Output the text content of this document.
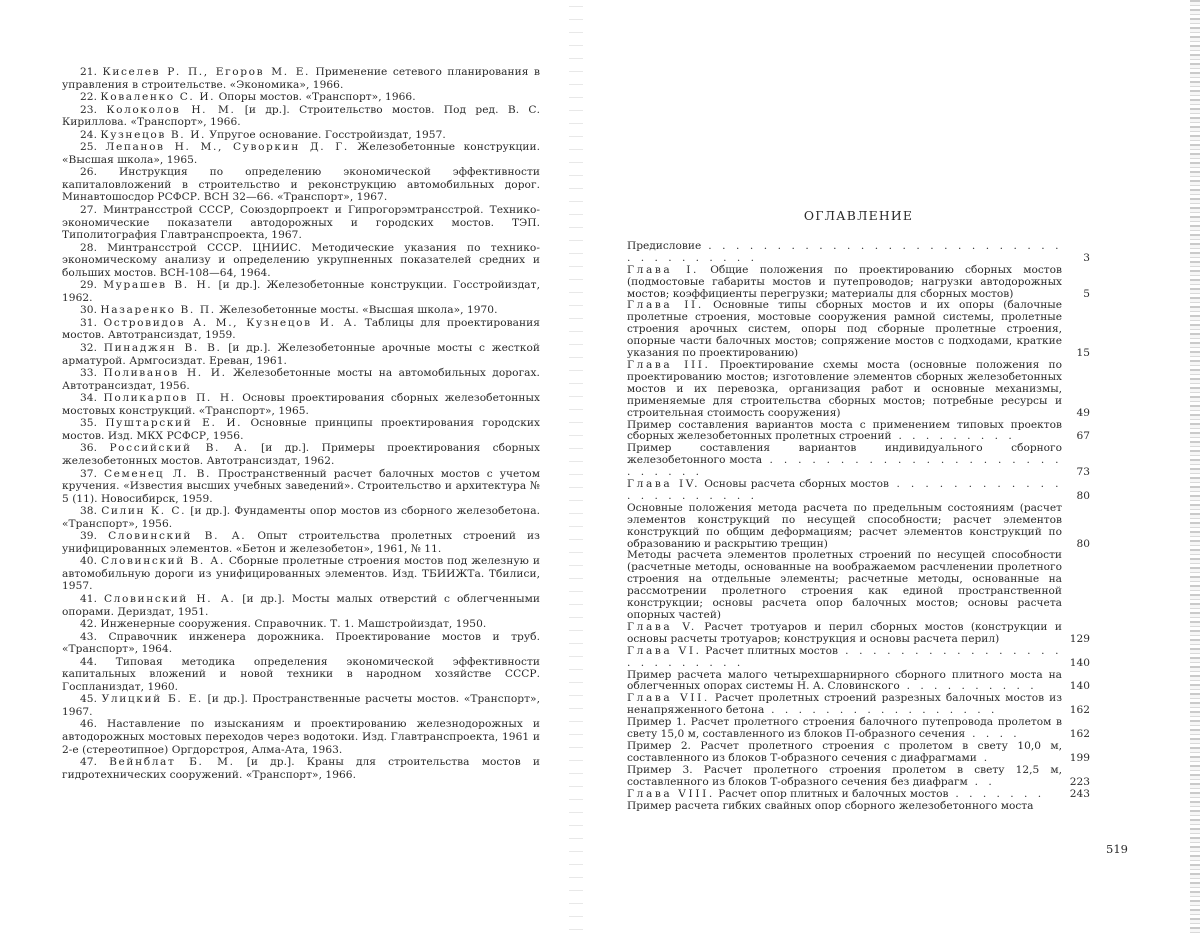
21. Киселев Р. П., Егоров М. Е. Применение сетевого планирования в управления в строительстве. «Экономика», 1966.

22. Коваленко С. И. Опоры мостов. «Транспорт», 1966.

23. Колоколов Н. М. [и др.]. Строительство мостов. Под ред. В. С. Кириллова. «Транспорт», 1966.

24. Кузнецов В. И. Упругое основание. Госстройиздат, 1957.

25. Лепанов Н. М., Суворкин Д. Г. Железобетонные конструкции. «Высшая школа», 1965.

26. Инструкция по определению экономической эффективности капиталовложений в строительство и реконструкцию автомобильных дорог. Минавтошосдор РСФСР. ВСН 32—66. «Транспорт», 1967.

27. Минтрансстрой СССР, Союздорпроект и Гипрогорэмтрансстрой. Технико-экономические показатели автодорожных и городских мостов. ТЭП. Типолитография Главтранспроекта, 1967.

28. Минтрансстрой СССР. ЦНИИС. Методические указания по технико-экономическому анализу и определению укрупненных показателей средних и больших мостов. ВСН-108—64, 1964.

29. Мурашев В. Н. [и др.]. Железобетонные конструкции. Госстройиздат, 1962.

30. Назаренко В. П. Железобетонные мосты. «Высшая школа», 1970.

31. Островидов А. М., Кузнецов И. А. Таблицы для проектирования мостов. Автотрансиздат, 1959.

32. Пинаджян В. В. [и др.]. Железобетонные арочные мосты с жесткой арматурой. Армгосиздат. Ереван, 1961.

33. Поливанов Н. И. Железобетонные мосты на автомобильных дорогах. Автотрансиздат, 1956.

34. Поликарпов П. Н. Основы проектирования сборных железобетонных мостовых конструкций. «Транспорт», 1965.

35. Пуштарский Е. И. Основные принципы проектирования городских мостов. Изд. МКХ РСФСР, 1956.

36. Российский В. А. [и др.]. Примеры проектирования сборных железобетонных мостов. Автотрансиздат, 1962.

37. Семенец Л. В. Пространственный расчет балочных мостов с учетом кручения. «Известия высших учебных заведений». Строительство и архитектура № 5 (11). Новосибирск, 1959.

38. Силин К. С. [и др.]. Фундаменты опор мостов из сборного железобетона. «Транспорт», 1956.

39. Словинский В. А. Опыт строительства пролетных строений из унифицированных элементов. «Бетон и железобетон», 1961, № 11.

40. Словинский В. А. Сборные пролетные строения мостов под железную и автомобильную дороги из унифицированных элементов. Изд. ТБИИЖТа. Тбилиси, 1957.

41. Словинский Н. А. [и др.]. Мосты малых отверстий с облегченными опорами. Дериздат, 1951.

42. Инженерные сооружения. Справочник. Т. 1. Машстройиздат, 1950.

43. Справочник инженера дорожника. Проектирование мостов и труб. «Транспорт», 1964.

44. Типовая методика определения экономической эффективности капитальных вложений и новой техники в народном хозяйстве СССР. Госпланиздат, 1960.

45. Улицкий Б. Е. [и др.]. Пространственные расчеты мостов. «Транспорт», 1967.

46. Наставление по изысканиям и проектированию железнодорожных и автодорожных мостовых переходов через водотоки. Изд. Главтранспроекта, 1961 и 2-е (стереотипное) Оргдорстроя, Алма-Ата, 1963.

47. Вейнблат Б. М. [и др.]. Краны для строительства мостов и гидротехнических сооружений. «Транспорт», 1966.

ОГЛАВЛЕНИЕ
Предисловие . . . . . . . . . . . . . . . . . . . . . . . . . . . . . . . . . . . .	3
Глава I. Общие положения по проектированию сборных мостов (подмостовые габариты мостов и путепроводов; нагрузки автодорожных мостов; коэффициенты перегрузки; материалы для сборных мостов)	5
Глава II. Основные типы сборных мостов и их опоры (балочные пролетные строения, мостовые сооружения рамной системы, пролетные строения арочных систем, опоры под сборные пролетные строения, опорные части балочных мостов; сопряжение мостов с подходами, краткие указания по проектированию)	15
Глава III. Проектирование схемы моста (основные положения по проектированию мостов; изготовление элементов сборных железобетонных мостов и их перевозка, организация работ и основные механизмы, применяемые для строительства сборных мостов; потребные ресурсы и строительная стоимость сооружения)	49
Пример составления вариантов моста с применением типовых проектов сборных железобетонных пролетных строений . . . . . . . . .	67
Пример составления вариантов индивидуального сборного железобетонного моста . . . . . . . . . . . . . . . . . . . . . . . . . . .	73
Глава IV. Основы расчета сборных мостов . . . . . . . . . . . . . . . . . . . . . .	80
Основные положения метода расчета по предельным состояниям (расчет элементов конструкций по несущей способности; расчет элементов конструкций по общим деформациям; расчет элементов конструкций по образованию и раскрытию трещин)	80
Методы расчета элементов пролетных строений по несущей способности (расчетные методы, основанные на воображаемом расчленении пролетного строения на отдельные элементы; расчетные методы, основанные на рассмотрении пролетного строения как единой пространственной конструкции; основы расчета опор балочных мостов; основы расчета опорных частей)
Глава V. Расчет тротуаров и перил сборных мостов (конструкции и основы расчеты тротуаров; конструкция и основы расчета перил)	129
Глава VI. Расчет плитных мостов . . . . . . . . . . . . . . . . . . . . . . . . .	140
Пример расчета малого четырехшарнирного сборного плитного моста на облегченных опорах системы Н. А. Словинского . . . . . . . . . .	140
Глава VII. Расчет пролетных строений разрезных балочных мостов из ненапряженного бетона . . . . . . . . . . . . . . . . .	162
Пример 1. Расчет пролетного строения балочного путепровода пролетом в свету 15,0 м, составленного из блоков П-образного сечения . . . .	162
Пример 2. Расчет пролетного строения с пролетом в свету 10,0 м, составленного из блоков Т-образного сечения с диафрагмами .	199
Пример 3. Расчет пролетного строения пролетом в свету 12,5 м, составленного из блоков Т-образного сечения без диафрагм . .	223
Глава VIII. Расчет опор плитных и балочных мостов . . . . . . .	243
Пример расчета гибких свайных опор сборного железобетонного моста
519
